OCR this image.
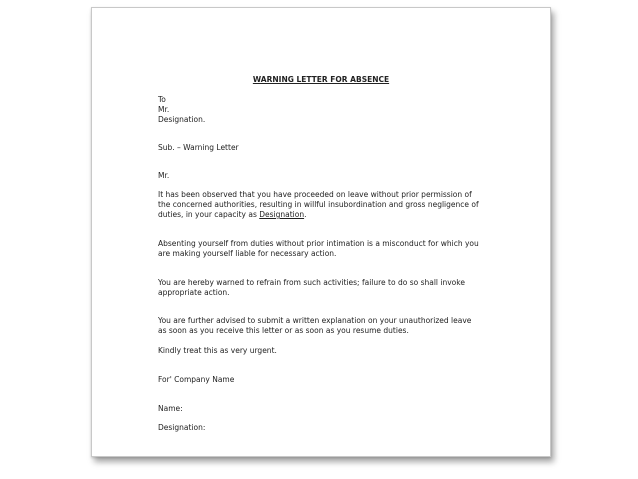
WARNING LETTER FOR ABSENCE

To

Mr.

Designation.

Sub. – Warning Letter

Mr.

It has been observed that you have proceeded on leave without prior permission of

the concerned authorities, resulting in willful insubordination and gross negligence of

duties, in your capacity as Designation.

Absenting yourself from duties without prior intimation is a misconduct for which you

are making yourself liable for necessary action.

You are hereby warned to refrain from such activities; failure to do so shall invoke

appropriate action.

You are further advised to submit a written explanation on your unauthorized leave

as soon as you receive this letter or as soon as you resume duties.

Kindly treat this as very urgent.

For' Company Name

Name:

Designation:
